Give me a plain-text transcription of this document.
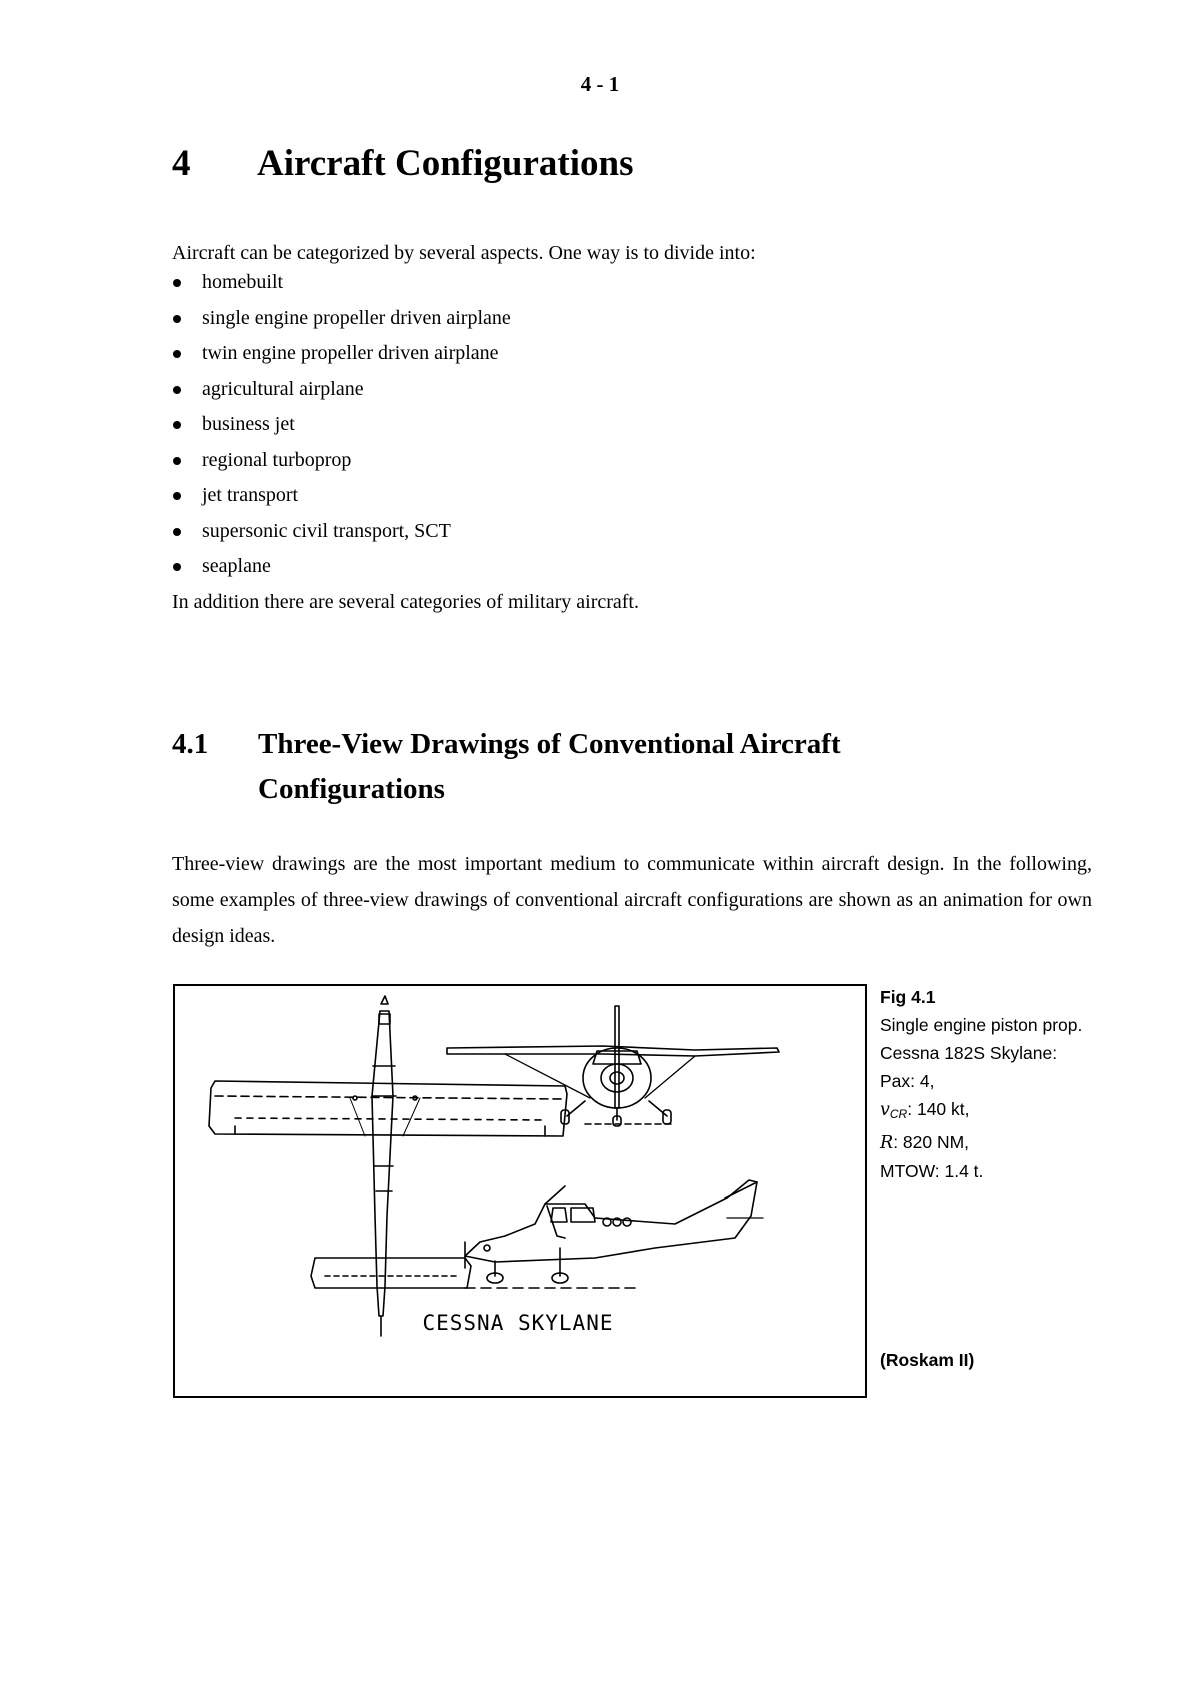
4 - 1
4 Aircraft Configurations

Aircraft can be categorized by several aspects. One way is to divide into:

homebuilt
single engine propeller driven airplane
twin engine propeller driven airplane
agricultural airplane
business jet
regional turboprop
jet transport
supersonic civil transport, SCT
seaplane

In addition there are several categories of military aircraft.

4.1	Three-View Drawings of Conventional Aircraft Configurations

Three-view drawings are the most important medium to communicate within aircraft design. In the following, some examples of three-view drawings of conventional aircraft configurations are shown as an animation for own design ideas.

CESSNA SKYLANE
Fig 4.1
Single engine piston prop.
Cessna 182S Skylane:
Pax: 4,
$v_{CR}$: 140 kt,
R: 820 NM,
MTOW: 1.4 t.
(Roskam II)
